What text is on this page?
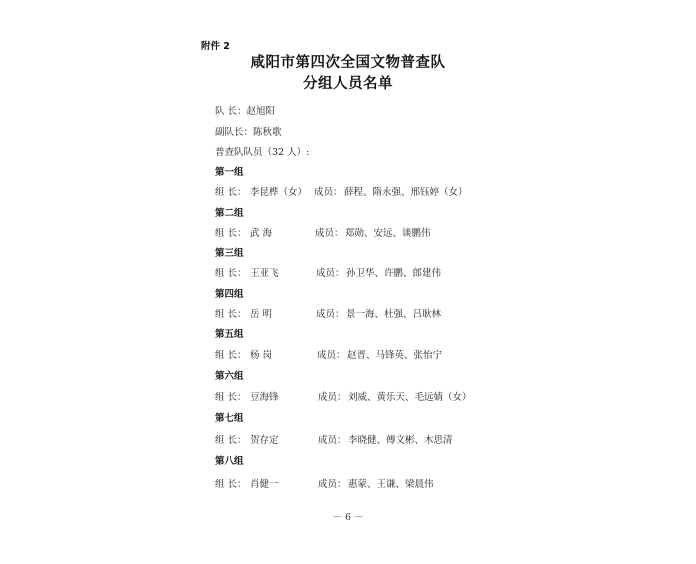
附件 2
咸阳市第四次全国文物普查队
分组人员名单
队 长：赵旭阳
副队长：陈秋歌
普查队队员（32 人）:
第一组
组 长： 李昆桦（女） 成员： 薛程、隋永强、邢钰婷（女）
第二组
组 长： 武 海	成员： 郑勋、安远、谈鹏伟
第三组
组 长： 王亚飞	成员： 孙卫华、许鹏、郎建伟
第四组
组 长： 岳 明	成员： 景一海、杜强、吕耿林
第五组
组 长： 杨 岗	成员： 赵晋、马锋英、张怡宁
第六组
组 长： 豆海锋	成员： 刘威、黄乐天、毛远婧（女）
第七组
组 长： 贺存定	成员： 李晓健、傅文彬、木思清
第八组
组 长： 肖健一	成员： 惠蒙、王谦、梁晨伟
－ 6 －
